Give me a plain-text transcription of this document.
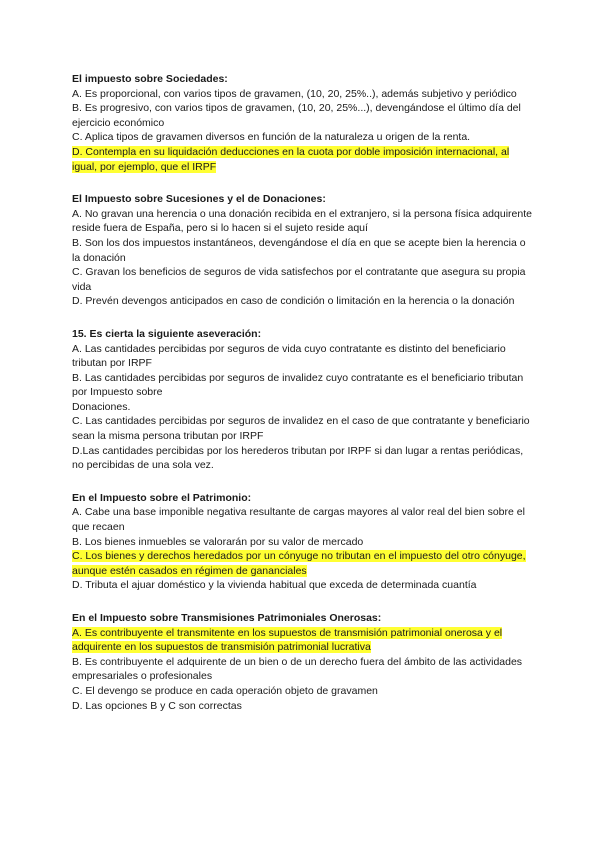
El impuesto sobre Sociedades:

A. Es proporcional, con varios tipos de gravamen, (10, 20, 25%..), además subjetivo y periódico

B. Es progresivo, con varios tipos de gravamen, (10, 20, 25%...), devengándose el último día del ejercicio económico

C. Aplica tipos de gravamen diversos en función de la naturaleza u origen de la renta.

D. Contempla en su liquidación deducciones en la cuota por doble imposición internacional, al igual, por ejemplo, que el IRPF

El Impuesto sobre Sucesiones y el de Donaciones:

A. No gravan una herencia o una donación recibida en el extranjero, si la persona física adquirente reside fuera de España, pero si lo hacen si el sujeto reside aquí

B. Son los dos impuestos instantáneos, devengándose el día en que se acepte bien la herencia o la donación

C. Gravan los beneficios de seguros de vida satisfechos por el contratante que asegura su propia vida

D. Prevén devengos anticipados en caso de condición o limitación en la herencia o la donación

15. Es cierta la siguiente aseveración:

A. Las cantidades percibidas por seguros de vida cuyo contratante es distinto del beneficiario tributan por IRPF

B. Las cantidades percibidas por seguros de invalidez cuyo contratante es el beneficiario tributan por Impuesto sobre

Donaciones.

C. Las cantidades percibidas por seguros de invalidez en el caso de que contratante y beneficiario sean la misma persona tributan por IRPF

D.Las cantidades percibidas por los herederos tributan por IRPF si dan lugar a rentas periódicas, no percibidas de una sola vez.

En el Impuesto sobre el Patrimonio:

A. Cabe una base imponible negativa resultante de cargas mayores al valor real del bien sobre el que recaen

B. Los bienes inmuebles se valorarán por su valor de mercado

C. Los bienes y derechos heredados por un cónyuge no tributan en el impuesto del otro cónyuge, aunque estén casados en régimen de gananciales

D. Tributa el ajuar doméstico y la vivienda habitual que exceda de determinada cuantía

En el Impuesto sobre Transmisiones Patrimoniales Onerosas:

A. Es contribuyente el transmitente en los supuestos de transmisión patrimonial onerosa y el adquirente en los supuestos de transmisión patrimonial lucrativa

B. Es contribuyente el adquirente de un bien o de un derecho fuera del ámbito de las actividades empresariales o profesionales

C. El devengo se produce en cada operación objeto de gravamen

D. Las opciones B y C son correctas
